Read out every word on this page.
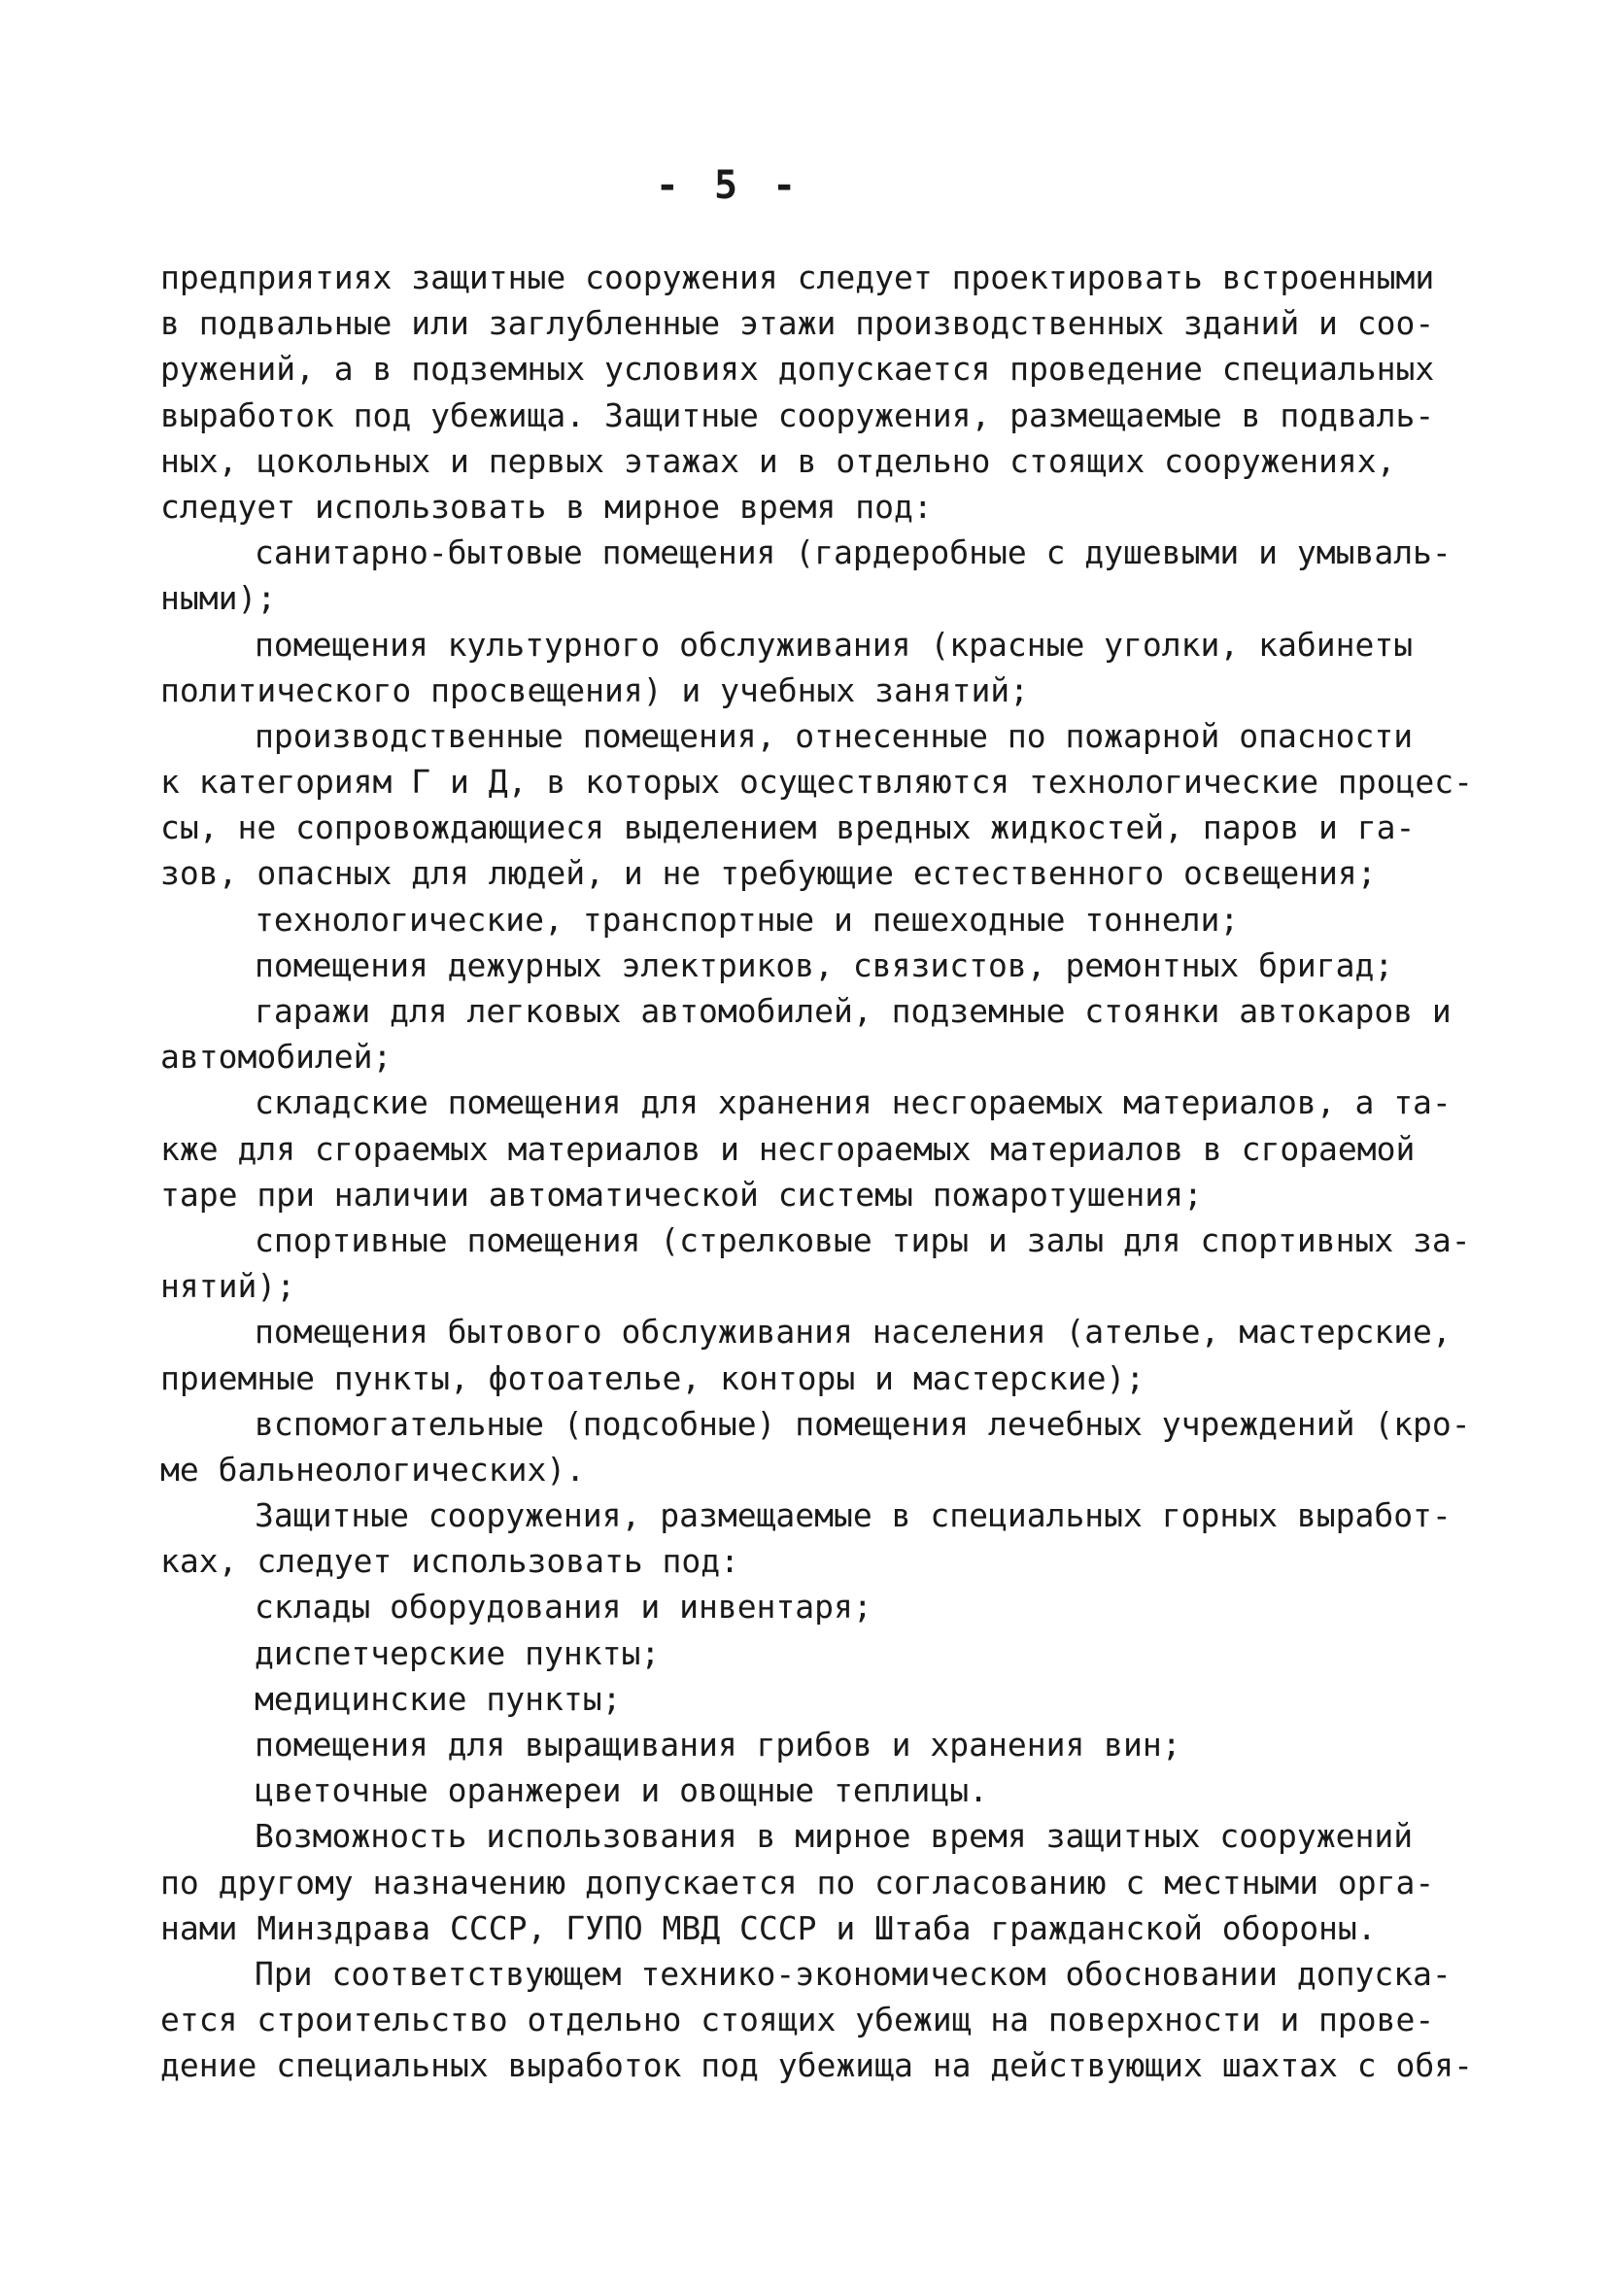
- 5 -
предприятиях защитные сооружения следует проектировать встроенными
в подвальные или заглубленные этажи производственных зданий и соо-
ружений, а в подземных условиях допускается проведение специальных
выработок под убежища. Защитные сооружения, размещаемые в подваль-
ных, цокольных и первых этажах и в отдельно стоящих сооружениях,
следует использовать в мирное время под:
санитарно-бытовые помещения (гардеробные с душевыми и умываль-
ными);
помещения культурного обслуживания (красные уголки, кабинеты
политического просвещения) и учебных занятий;
производственные помещения, отнесенные по пожарной опасности
к категориям Г и Д, в которых осуществляются технологические процес-
сы, не сопровождающиеся выделением вредных жидкостей, паров и га-
зов, опасных для людей, и не требующие естественного освещения;
технологические, транспортные и пешеходные тоннели;
помещения дежурных электриков, связистов, ремонтных бригад;
гаражи для легковых автомобилей, подземные стоянки автокаров и
автомобилей;
складские помещения для хранения несгораемых материалов, а та-
кже для сгораемых материалов и несгораемых материалов в сгораемой
таре при наличии автоматической системы пожаротушения;
спортивные помещения (стрелковые тиры и залы для спортивных за-
нятий);
помещения бытового обслуживания населения (ателье, мастерские,
приемные пункты, фотоателье, конторы и мастерские);
вспомогательные (подсобные) помещения лечебных учреждений (кро-
ме бальнеологических).
Защитные сооружения, размещаемые в специальных горных выработ-
ках, следует использовать под:
склады оборудования и инвентаря;
диспетчерские пункты;
медицинские пункты;
помещения для выращивания грибов и хранения вин;
цветочные оранжереи и овощные теплицы.
Возможность использования в мирное время защитных сооружений
по другому назначению допускается по согласованию с местными орга-
нами Минздрава СССР, ГУПО МВД СССР и Штаба гражданской обороны.
При соответствующем технико-экономическом обосновании допуска-
ется строительство отдельно стоящих убежищ на поверхности и прове-
дение специальных выработок под убежища на действующих шахтах с обя-
